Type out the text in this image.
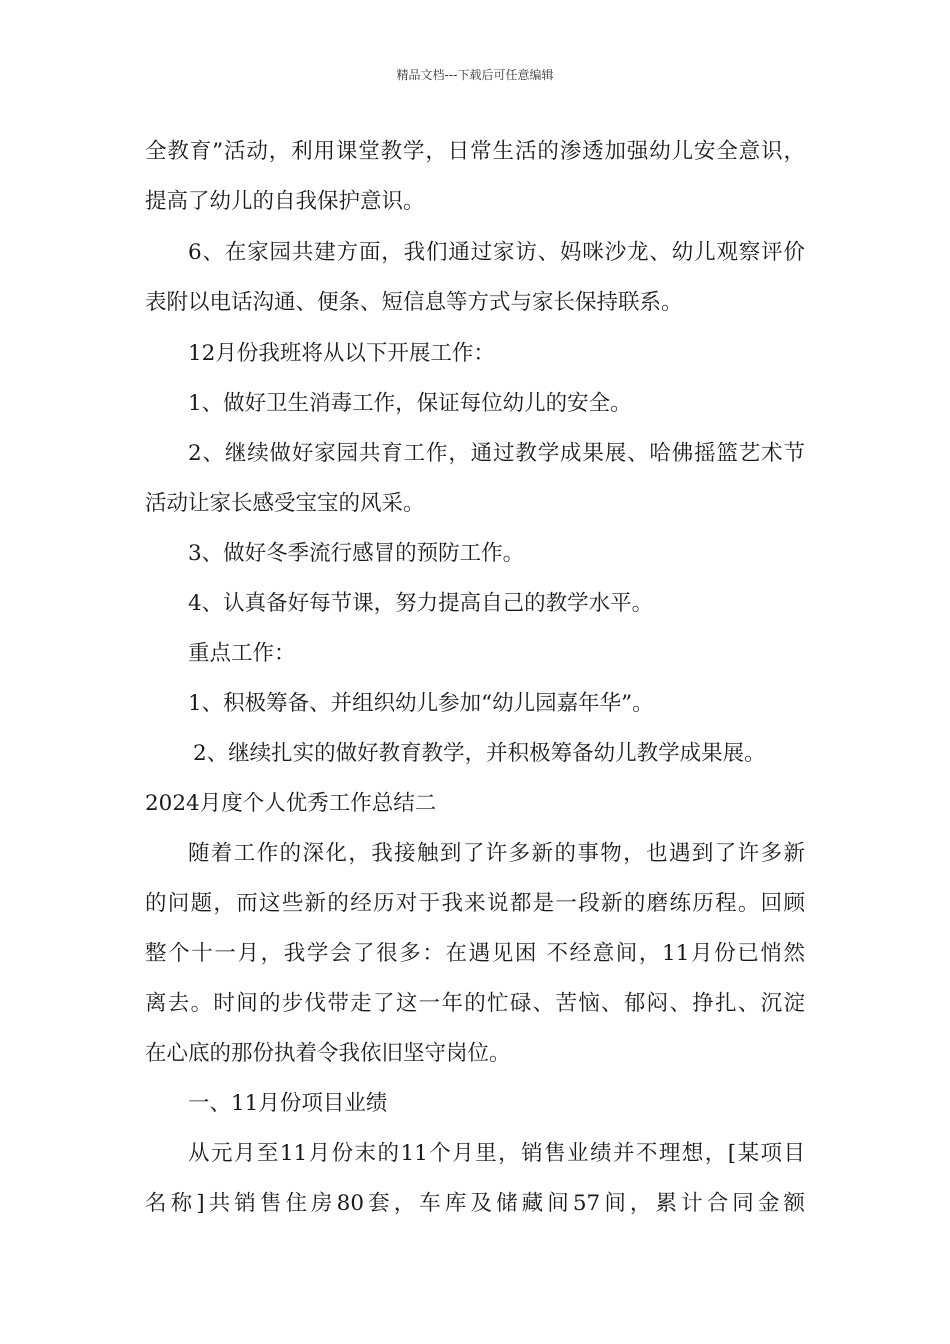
精品文档---下载后可任意编辑
全教育”活动，利用课堂教学，日常生活的渗透加强幼儿安全意识，
提高了幼儿的自我保护意识。
6、在家园共建方面，我们通过家访、妈咪沙龙、幼儿观察评价
表附以电话沟通、便条、短信息等方式与家长保持联系。
12月份我班将从以下开展工作：
1、做好卫生消毒工作，保证每位幼儿的安全。
2、继续做好家园共育工作，通过教学成果展、哈佛摇篮艺术节
活动让家长感受宝宝的风采。
3、做好冬季流行感冒的预防工作。
4、认真备好每节课，努力提高自己的教学水平。
重点工作：
1、积极筹备、并组织幼儿参加“幼儿园嘉年华”。
2、继续扎实的做好教育教学，并积极筹备幼儿教学成果展。
2024月度个人优秀工作总结二
随着工作的深化，我接触到了许多新的事物，也遇到了许多新
的问题，而这些新的经历对于我来说都是一段新的磨练历程。回顾
整个十一月，我学会了很多：在遇见困 不经意间，11月份已悄然
离去。时间的步伐带走了这一年的忙碌、苦恼、郁闷、挣扎、沉淀
在心底的那份执着令我依旧坚守岗位。
一、11月份项目业绩
从元月至11月份末的11个月里，销售业绩并不理想，[某项目
名称]共销售住房80套，车库及储藏间57间，累计合同金额
